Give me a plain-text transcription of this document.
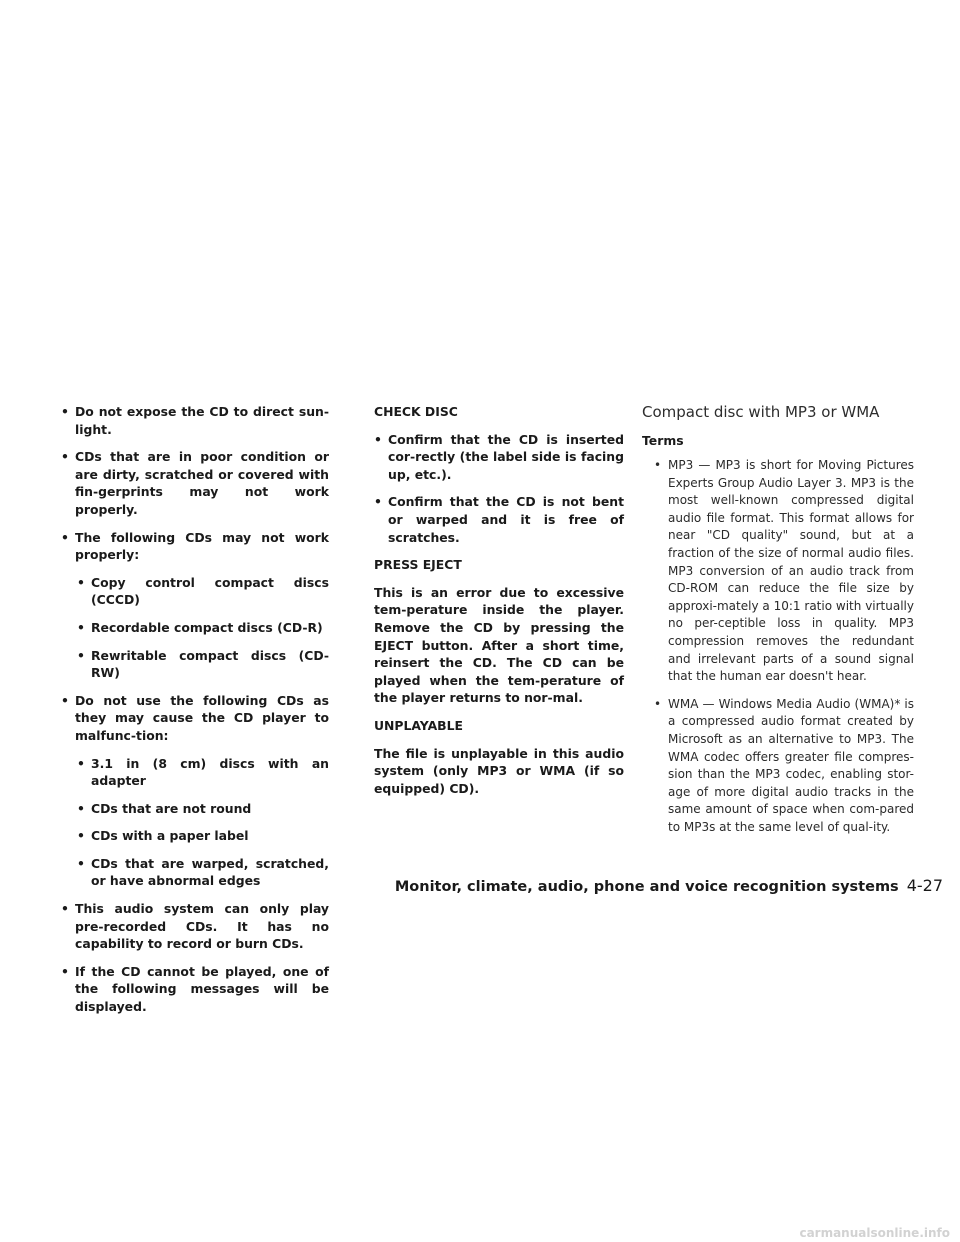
• Do not expose the CD to direct sun-light.
• CDs that are in poor condition or are dirty, scratched or covered with fin-gerprints may not work properly.
• The following CDs may not work properly:
• Copy control compact discs (CCCD)
• Recordable compact discs (CD-R)
• Rewritable compact discs (CD-RW)
• Do not use the following CDs as they may cause the CD player to malfunc-tion:
• 3.1 in (8 cm) discs with an adapter
• CDs that are not round
• CDs with a paper label
• CDs that are warped, scratched, or have abnormal edges
• This audio system can only play pre-recorded CDs. It has no capability to record or burn CDs.
• If the CD cannot be played, one of the following messages will be displayed.
CHECK DISC
• Confirm that the CD is inserted cor-rectly (the label side is facing up, etc.).
• Confirm that the CD is not bent or warped and it is free of scratches.
PRESS EJECT
This is an error due to excessive tem-perature inside the player. Remove the CD by pressing the EJECT button. After a short time, reinsert the CD. The CD can be played when the tem-perature of the player returns to nor-mal.
UNPLAYABLE
The file is unplayable in this audio system (only MP3 or WMA (if so equipped) CD).
Compact disc with MP3 or WMA
Terms
• MP3 — MP3 is short for Moving Pictures Experts Group Audio Layer 3. MP3 is the most well-known compressed digital audio file format. This format allows for near "CD quality" sound, but at a fraction of the size of normal audio files. MP3 conversion of an audio track from CD-ROM can reduce the file size by approxi-mately a 10:1 ratio with virtually no per-ceptible loss in quality. MP3 compression removes the redundant and irrelevant parts of a sound signal that the human ear doesn't hear.
• WMA — Windows Media Audio (WMA)* is a compressed audio format created by Microsoft as an alternative to MP3. The WMA codec offers greater file compres-sion than the MP3 codec, enabling stor-age of more digital audio tracks in the same amount of space when com-pared to MP3s at the same level of qual-ity.
Monitor, climate, audio, phone and voice recognition systems 4-27
carmanualsonline.info
